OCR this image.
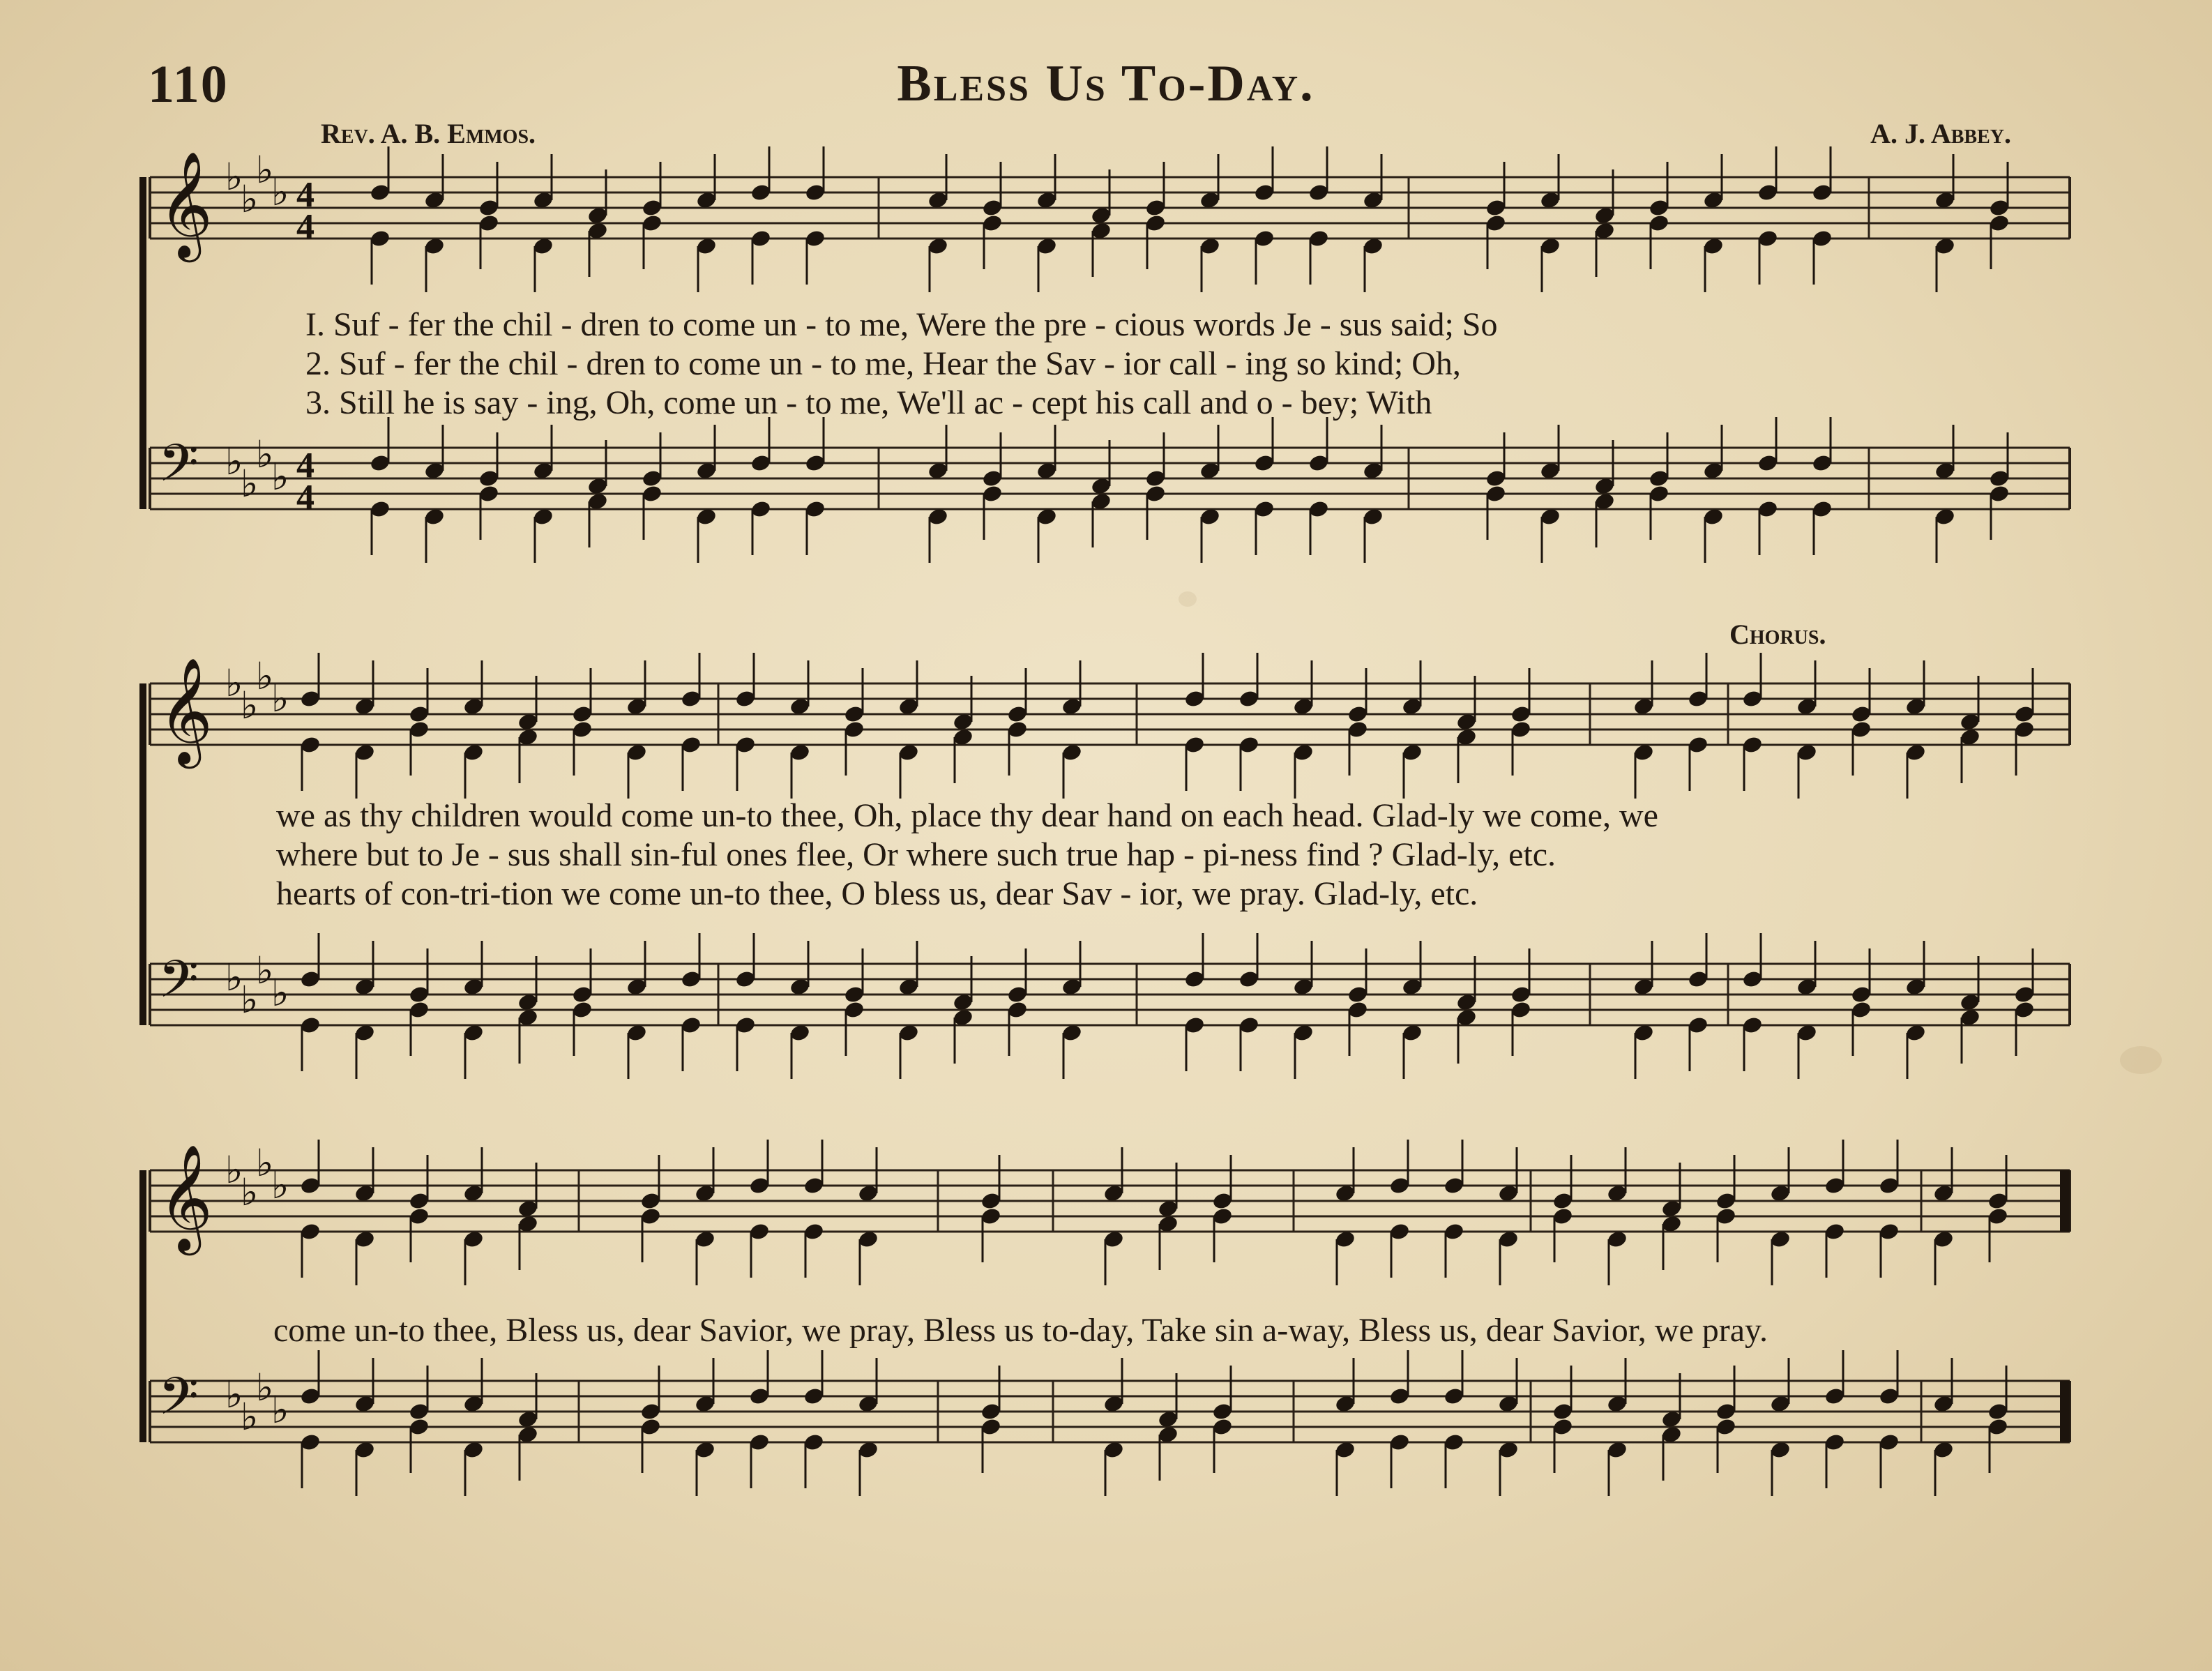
110	Bless Us To-Day.
Rev. A. B. Emmos.	A. J. Abbey.
Chorus.
𝄞 ♭
♭
♭
♭ 4
4
𝄢 ♭
♭
♭
♭ 4
4
𝄞 ♭
♭
♭
♭
𝄢 ♭
♭
♭
♭
𝄞 ♭
♭
♭
♭
𝄢 ♭
♭
♭
♭
I. Suf - fer the chil - dren to come un - to me, Were the pre - cious words Je - sus said; So
2. Suf - fer the chil - dren to come un - to me, Hear the Sav - ior call - ing so kind; Oh,
3. Still he is say - ing, Oh, come un - to me, We'll ac - cept his call and o - bey; With
we as thy children would come un-to thee, Oh, place thy dear hand on each head. Glad-ly we come, we
where but to Je - sus shall sin-ful ones flee, Or where such true hap - pi-ness find ? Glad-ly, etc.
hearts of con-tri-tion we come un-to thee, O bless us, dear Sav - ior, we pray. Glad-ly, etc.
come un-to thee, Bless us, dear Savior, we pray, Bless us to-day, Take sin a-way, Bless us, dear Savior, we pray.
